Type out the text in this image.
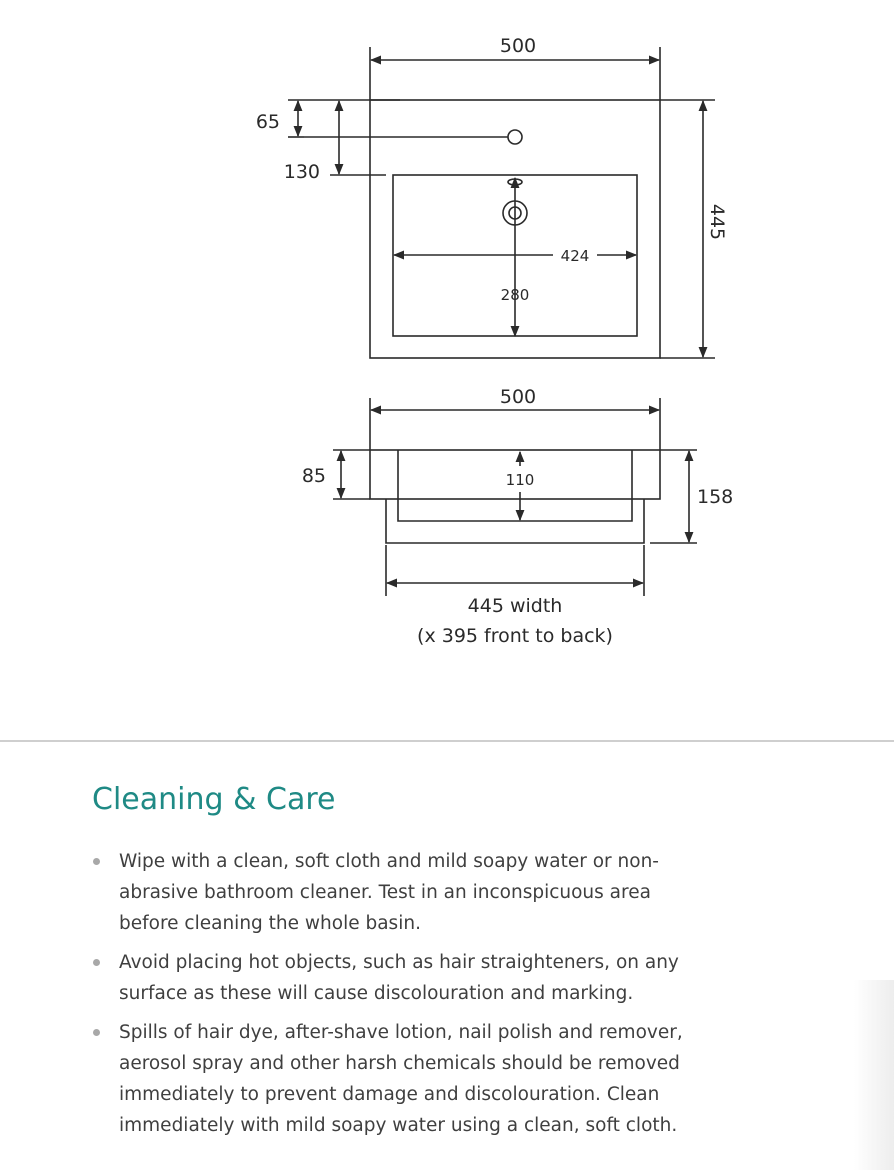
500
65
130
445
424
280
500
85	110
158
445 width
(x 395 front to back)
Cleaning & Care
Wipe with a clean, soft cloth and mild soapy water or non-
abrasive bathroom cleaner. Test in an inconspicuous area
before cleaning the whole basin.
Avoid placing hot objects, such as hair straighteners, on any
surface as these will cause discolouration and marking.
Spills of hair dye, after-shave lotion, nail polish and remover,
aerosol spray and other harsh chemicals should be removed
immediately to prevent damage and discolouration. Clean
immediately with mild soapy water using a clean, soft cloth.
